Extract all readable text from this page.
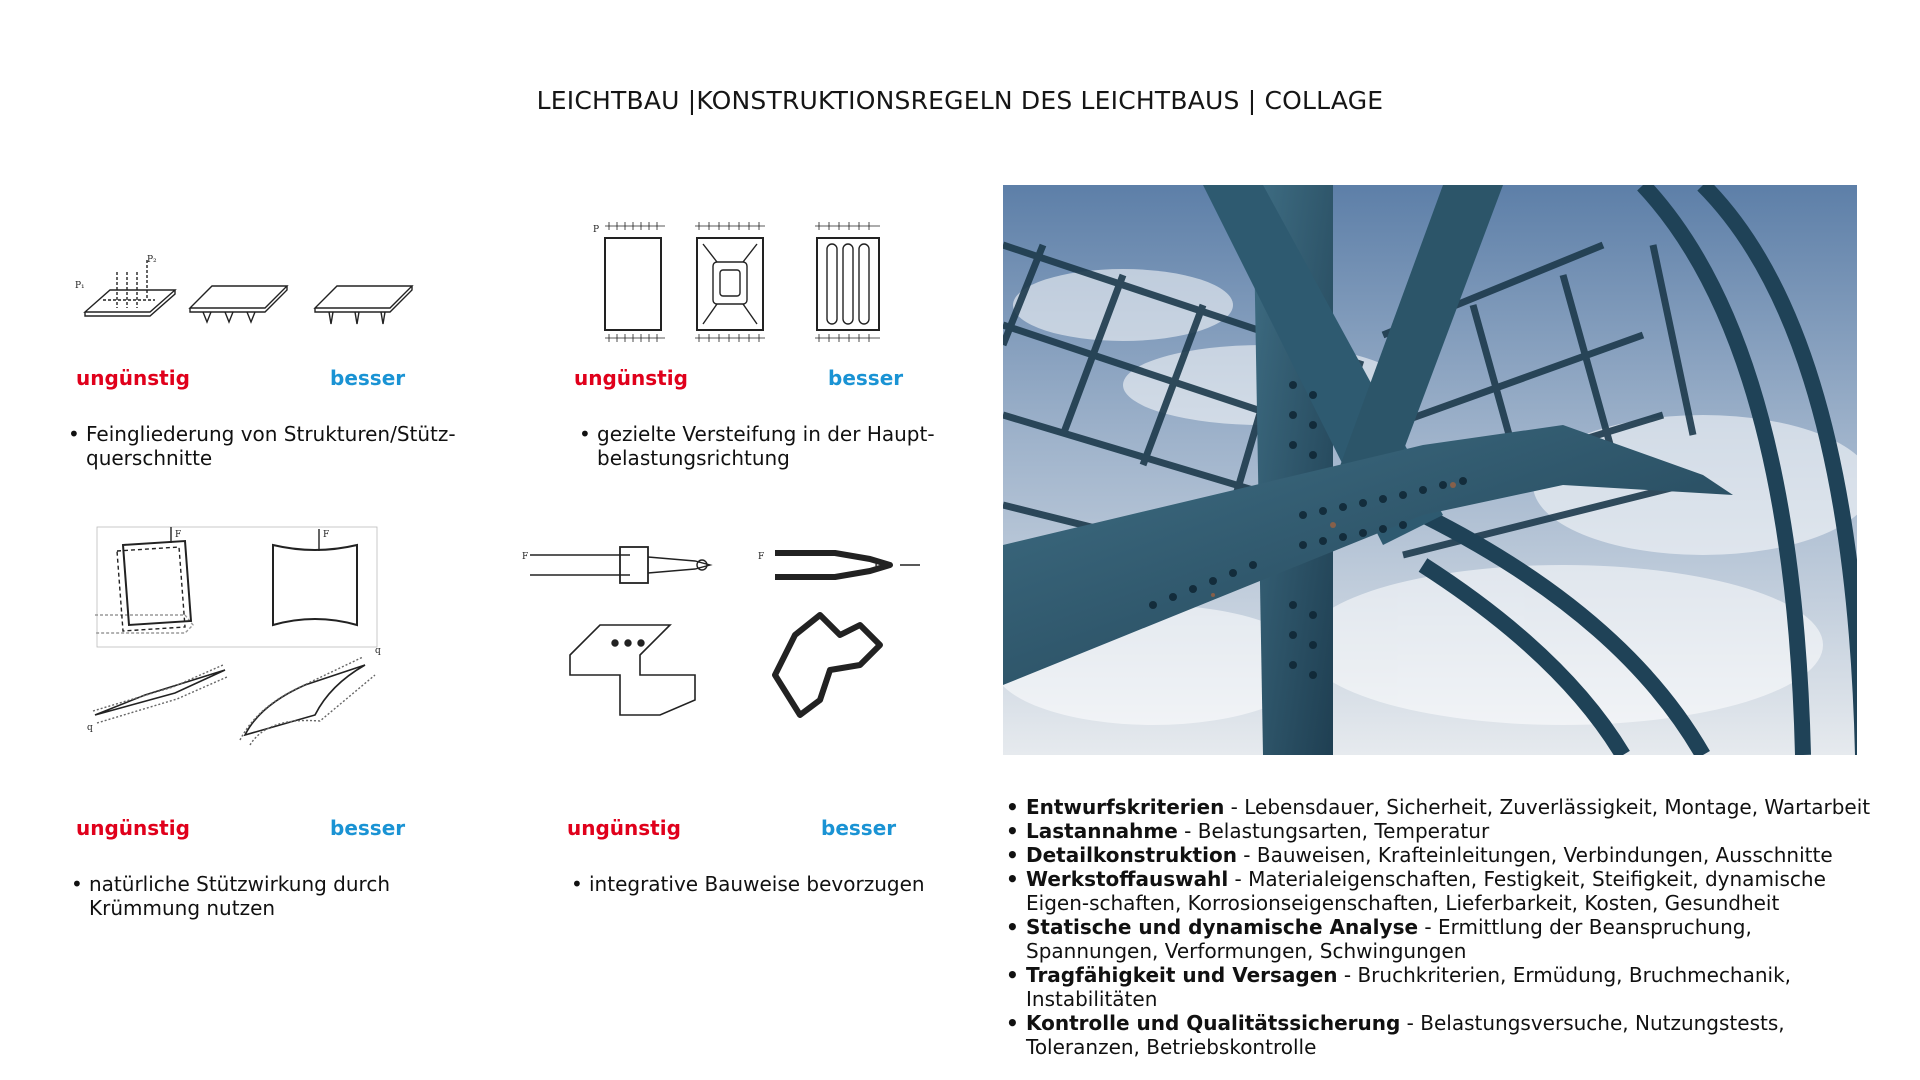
LEICHTBAU |KONSTRUKTIONSREGELN DES LEICHTBAUS | COLLAGE
P₁
P₂
P
F	F
q
q
F	F
ungünstig	besser	ungünstig	besser
ungünstig	besser	ungünstig	besser
• Feingliederung von Strukturen/Stütz-
querschnitte
• gezielte Versteifung in der Haupt-
belastungsrichtung
• natürliche Stützwirkung durch
Krümmung nutzen
• integrative Bauweise bevorzugen
• Entwurfskriterien - Lebensdauer, Sicherheit, Zuverlässigkeit, Montage, Wartarbeit
• Lastannahme - Belastungsarten, Temperatur
• Detailkonstruktion - Bauweisen, Krafteinleitungen, Verbindungen, Ausschnitte
• Werkstoffauswahl - Materialeigenschaften, Festigkeit, Steifigkeit, dynamische Eigen-schaften, Korrosionseigenschaften, Lieferbarkeit, Kosten, Gesundheit
• Statische und dynamische Analyse - Ermittlung der Beanspruchung, Spannungen, Verformungen, Schwingungen
• Tragfähigkeit und Versagen - Bruchkriterien, Ermüdung, Bruchmechanik, Instabilitäten
• Kontrolle und Qualitätssicherung - Belastungsversuche, Nutzungstests, Toleranzen, Betriebskontrolle
